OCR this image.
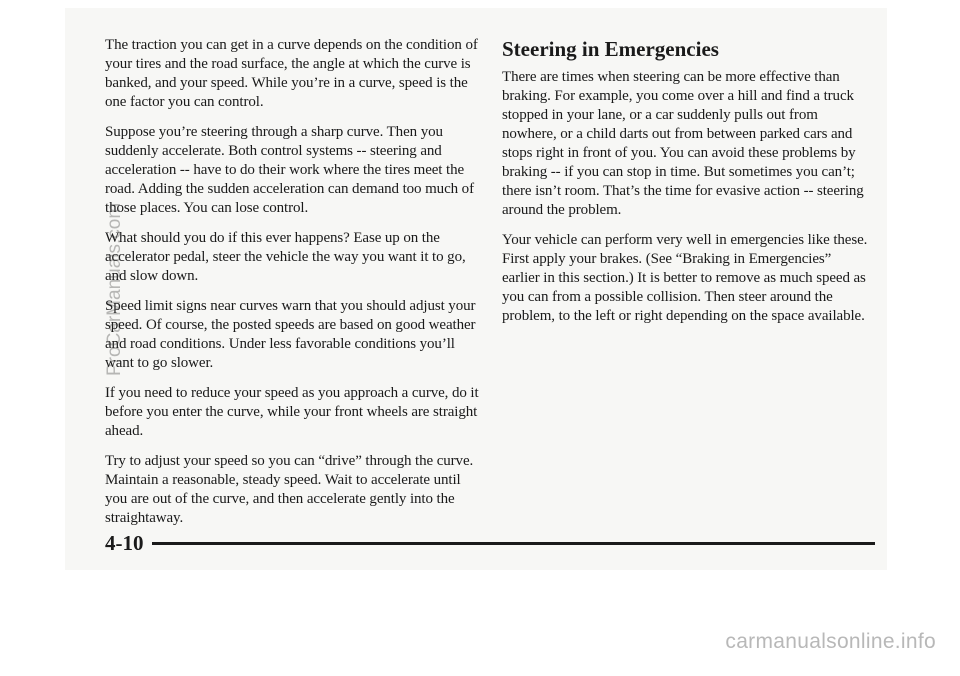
The traction you can get in a curve depends on the condition of your tires and the road surface, the angle at which the curve is banked, and your speed. While you’re in a curve, speed is the one factor you can control.

Suppose you’re steering through a sharp curve. Then you suddenly accelerate. Both control systems -- steering and acceleration -- have to do their work where the tires meet the road. Adding the sudden acceleration can demand too much of those places. You can lose control.

What should you do if this ever happens? Ease up on the accelerator pedal, steer the vehicle the way you want it to go, and slow down.

Speed limit signs near curves warn that you should adjust your speed. Of course, the posted speeds are based on good weather and road conditions. Under less favorable conditions you’ll want to go slower.

If you need to reduce your speed as you approach a curve, do it before you enter the curve, while your front wheels are straight ahead.

Try to adjust your speed so you can “drive” through the curve. Maintain a reasonable, steady speed. Wait to accelerate until you are out of the curve, and then accelerate gently into the straightaway.

Steering in Emergencies

There are times when steering can be more effective than braking. For example, you come over a hill and find a truck stopped in your lane, or a car suddenly pulls out from nowhere, or a child darts out from between parked cars and stops right in front of you. You can avoid these problems by braking -- if you can stop in time. But sometimes you can’t; there isn’t room. That’s the time for evasive action -- steering around the problem.

Your vehicle can perform very well in emergencies like these. First apply your brakes. (See “Braking in Emergencies” earlier in this section.) It is better to remove as much speed as you can from a possible collision. Then steer around the problem, to the left or right depending on the space available.

4-10
ProCarManuals.com
carmanualsonline.info
